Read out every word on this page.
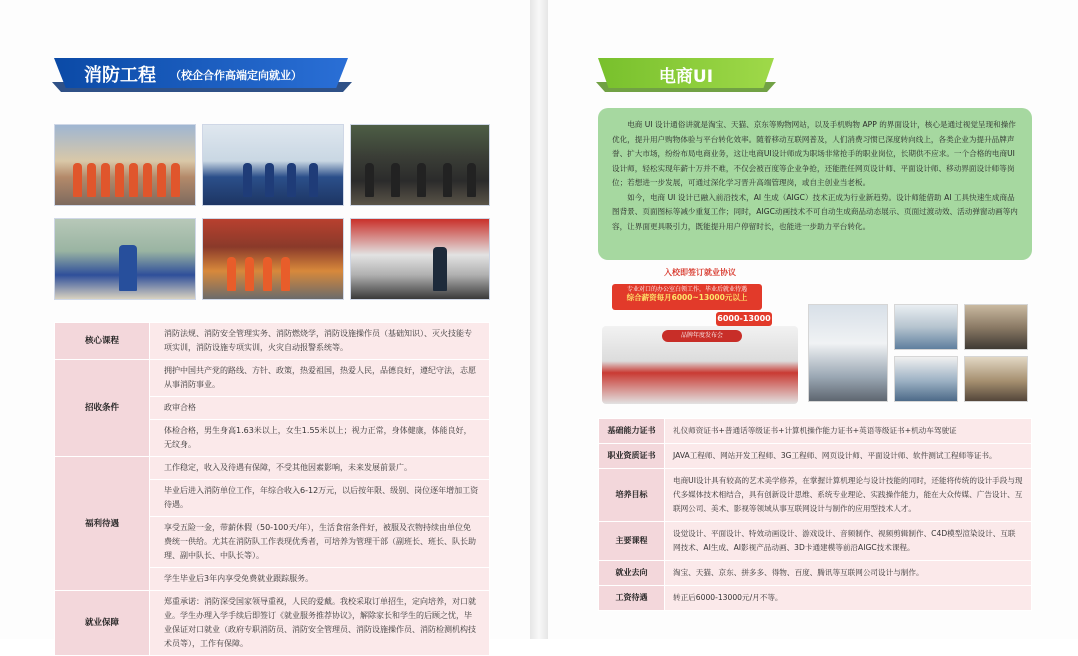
消防工程 （校企合作高端定向就业）
核心课程	消防法规、消防安全管理实务、消防燃烧学，消防设施操作员（基础知识）、灭火技能专项实训，消防设施专项实训，火灾自动报警系统等。
招收条件	拥护中国共产党的路线、方针、政策，热爱祖国，热爱人民，品德良好，遵纪守法，志愿从事消防事业。
	政审合格
	体检合格，男生身高1.63米以上，女生1.55米以上；视力正常，身体健康，体能良好，无纹身。
福利待遇	工作稳定，收入及待遇有保障，不受其他因素影响，未来发展前景广。
	毕业后进入消防单位工作，年综合收入6-12万元，以后按年限、级别、岗位逐年增加工资待遇。
	享受五险一金，带薪休假（50-100天/年），生活食宿条件好，被服及衣物持续由单位免费统一供给。尤其在消防队工作表现优秀者，可培养为管理干部（副班长、班长、队长助理、副中队长、中队长等）。
	学生毕业后3年内享受免费就业跟踪服务。
就业保障	郑重承诺：消防深受国家领导重视，人民的爱戴。我校采取订单招生，定向培养，对口就业。学生办理入学手续后即签订《就业服务推荐协议》，解除家长和学生的后顾之忧，毕业保证对口就业（政府专职消防员、消防安全管理员、消防设施操作员、消防检测机构技术员等），工作有保障。
电商UI

电商 UI 设计通俗讲就是淘宝、天猫、京东等购物网站，以及手机购物 APP 的界面设计，核心是通过视觉呈现和操作优化，提升用户购物体验与平台转化效率。随着移动互联网普及，人们消费习惯已深度转向线上，各类企业为提升品牌声誉、扩大市场，纷纷布局电商业务，这让电商UI设计师成为职场非常抢手的职业岗位，长期供不应求。一个合格的电商UI设计师，轻松实现年薪十万并不难，不仅会被百度等企业争抢，还能胜任网页设计师、平面设计师、移动界面设计师等岗位；若想进一步发展，可通过深化学习晋升高端管理岗，或自主创业当老板。

如今，电商 UI 设计已融入前沿技术，AI 生成（AIGC）技术正成为行业新趋势。设计师能借助 AI 工具快速生成商品图背景、页面图标等减少重复工作；同时，AIGC动画技术不可自动生成商品动态展示、页面过渡动效、活动弹窗动画等内容，让界面更具吸引力，既能提升用户停留时长，也能进一步助力平台转化。

入校即签订就业协议
专业对口的办公室白领工作，毕业后就业待遇
综合薪资每月6000~13000元以上
6000-13000
品牌年度发布会
基础能力证书	礼仪师资证书+普通话等级证书+计算机操作能力证书+英语等级证书+机动车驾驶证
职业资质证书	JAVA工程师、网站开发工程师、3G工程师、网页设计师、平面设计师、软件测试工程师等证书。
培养目标	电商UI设计具有较高的艺术美学修养，在掌握计算机理论与设计技能的同时，还能将传统的设计手段与现代多媒体技术相结合，具有创新设计思维、系统专业理论、实践操作能力，能在大众传媒、广告设计、互联网公司、美术、影视等领域从事互联网设计与制作的应用型技术人才。
主要课程	设觉设计、平面设计、特效动画设计、游戏设计、音频制作、视频剪辑制作、C4D模型渲染设计、互联网技术、AI生成、AI影视产品动画、3D卡通建模等前沿AIGC技术课程。
就业去向	淘宝、天猫、京东、拼多多、得物、百度、腾讯等互联网公司设计与制作。
工资待遇	转正后6000-13000元/月不等。
